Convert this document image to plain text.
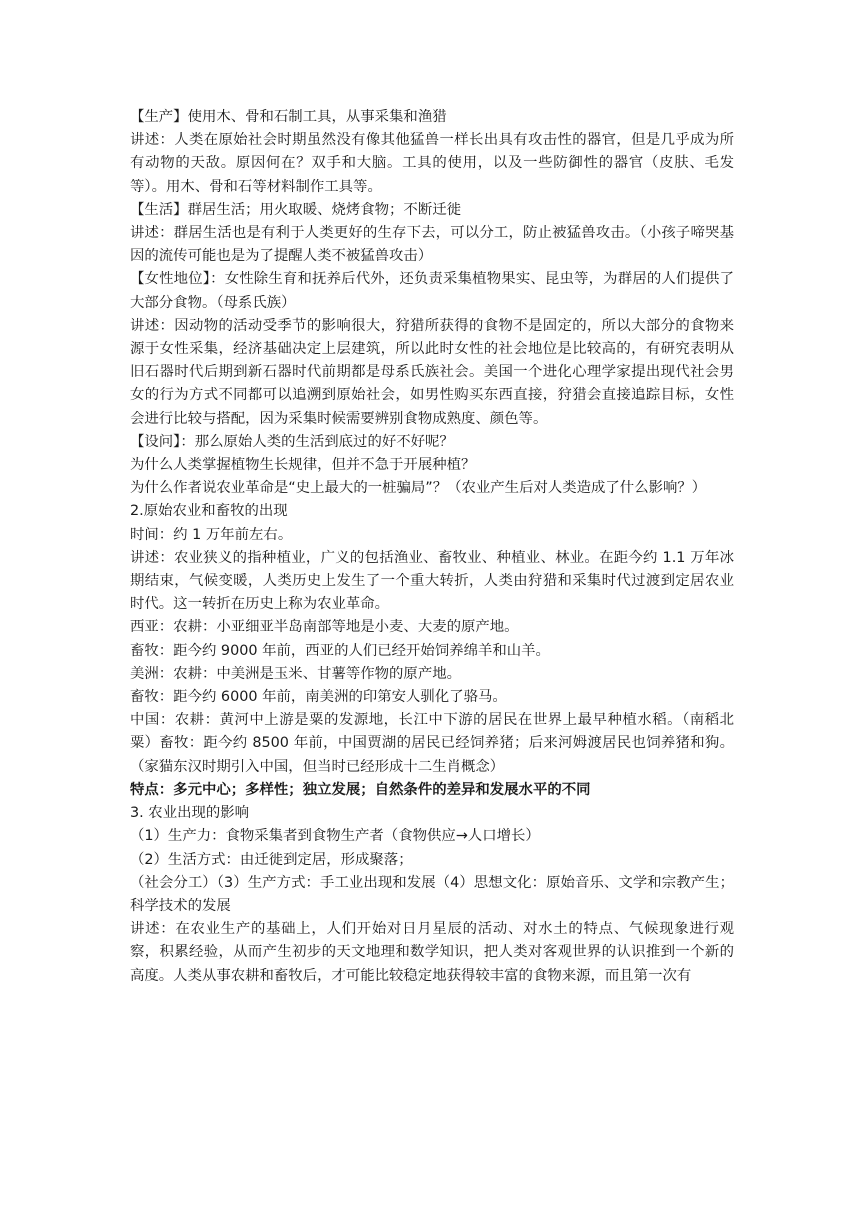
【生产】使用木、骨和石制工具，从事采集和渔猎

讲述：人类在原始社会时期虽然没有像其他猛兽一样长出具有攻击性的器官，但是几乎成为所有动物的天敌。原因何在？双手和大脑。工具的使用，以及一些防御性的器官（皮肤、毛发等）。用木、骨和石等材料制作工具等。

【生活】群居生活；用火取暖、烧烤食物；不断迁徙

讲述：群居生活也是有利于人类更好的生存下去，可以分工，防止被猛兽攻击。（小孩子啼哭基因的流传可能也是为了提醒人类不被猛兽攻击）

【女性地位】：女性除生育和抚养后代外，还负责采集植物果实、昆虫等，为群居的人们提供了大部分食物。（母系氏族）

讲述：因动物的活动受季节的影响很大，狩猎所获得的食物不是固定的，所以大部分的食物来源于女性采集，经济基础决定上层建筑，所以此时女性的社会地位是比较高的，有研究表明从旧石器时代后期到新石器时代前期都是母系氏族社会。美国一个进化心理学家提出现代社会男女的行为方式不同都可以追溯到原始社会，如男性购买东西直接，狩猎会直接追踪目标，女性会进行比较与搭配，因为采集时候需要辨别食物成熟度、颜色等。

【设问】：那么原始人类的生活到底过的好不好呢？

为什么人类掌握植物生长规律，但并不急于开展种植？

为什么作者说农业革命是“史上最大的一桩骗局”？（农业产生后对人类造成了什么影响？）

2.原始农业和畜牧的出现

时间：约 1 万年前左右。

讲述：农业狭义的指种植业，广义的包括渔业、畜牧业、种植业、林业。在距今约 1.1 万年冰期结束，气候变暖，人类历史上发生了一个重大转折，人类由狩猎和采集时代过渡到定居农业时代。这一转折在历史上称为农业革命。

西亚：农耕：小亚细亚半岛南部等地是小麦、大麦的原产地。

畜牧：距今约 9000 年前，西亚的人们已经开始饲养绵羊和山羊。

美洲：农耕：中美洲是玉米、甘薯等作物的原产地。

畜牧：距今约 6000 年前，南美洲的印第安人驯化了骆马。

中国：农耕：黄河中上游是粟的发源地，长江中下游的居民在世界上最早种植水稻。（南稻北粟）畜牧：距今约 8500 年前，中国贾湖的居民已经饲养猪；后来河姆渡居民也饲养猪和狗。（家猫东汉时期引入中国，但当时已经形成十二生肖概念）

特点：多元中心；多样性；独立发展；自然条件的差异和发展水平的不同

3. 农业出现的影响

（1）生产力：食物采集者到食物生产者（食物供应→人口增长）

（2）生活方式：由迁徙到定居，形成聚落；

（社会分工）（3）生产方式：手工业出现和发展（4）思想文化：原始音乐、文学和宗教产生；科学技术的发展

讲述：在农业生产的基础上，人们开始对日月星辰的活动、对水土的特点、气候现象进行观察，积累经验，从而产生初步的天文地理和数学知识，把人类对客观世界的认识推到一个新的高度。人类从事农耕和畜牧后，才可能比较稳定地获得较丰富的食物来源，而且第一次有
